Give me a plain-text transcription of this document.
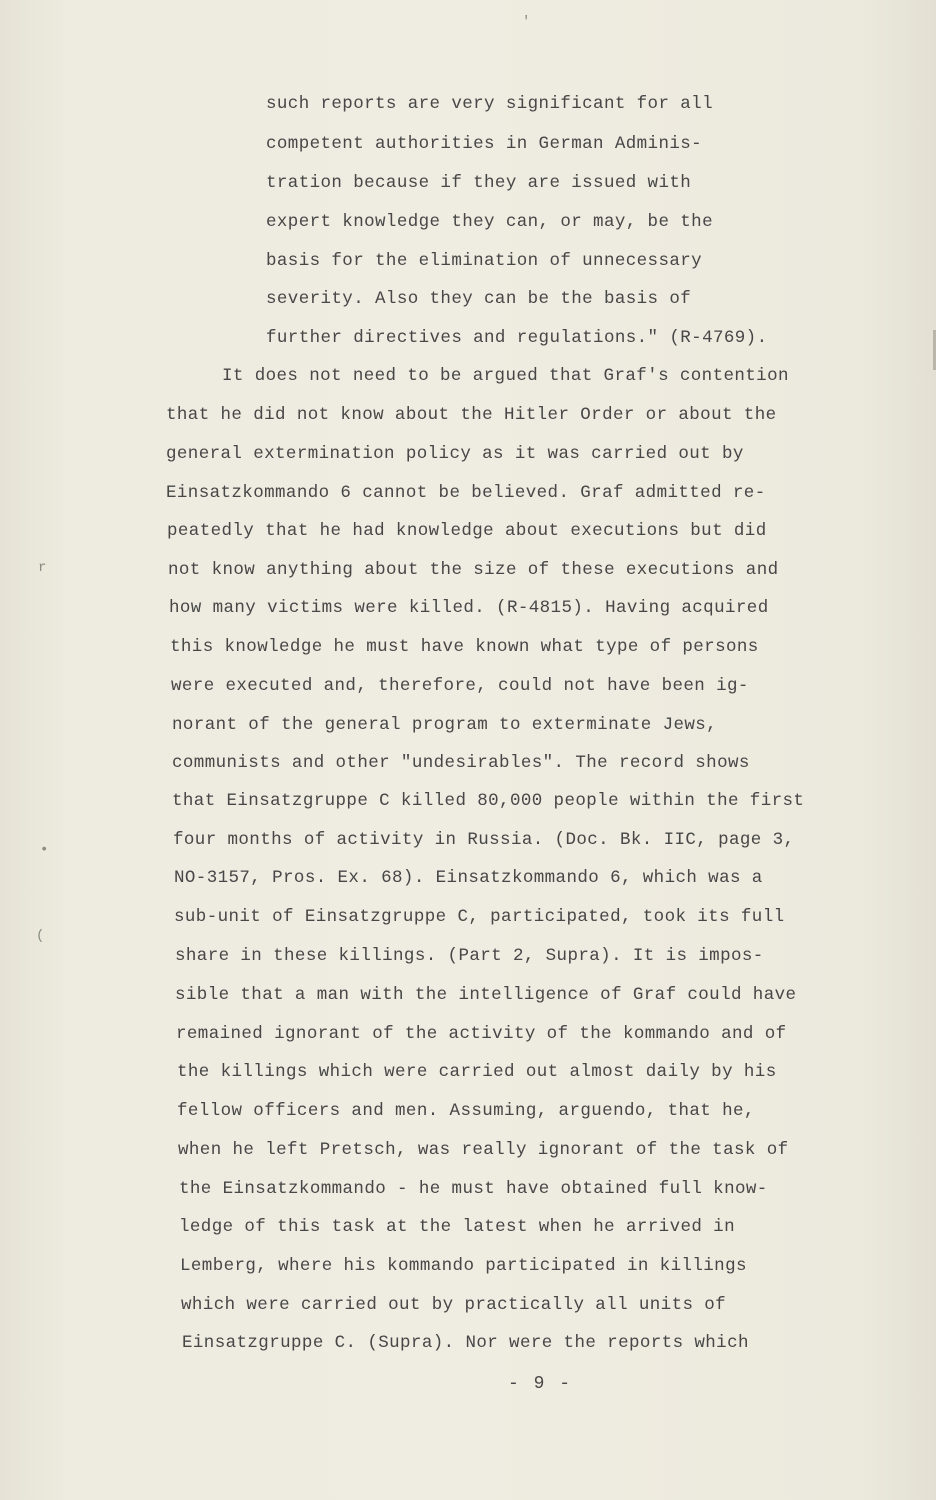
such reports are very significant for all
competent authorities in German Adminis-
tration because if they are issued with
expert knowledge they can, or may, be the
basis for the elimination of unnecessary
severity. Also they can be the basis of
further directives and regulations." (R-4769).
It does not need to be argued that Graf's contention
that he did not know about the Hitler Order or about the
general extermination policy as it was carried out by
Einsatzkommando 6 cannot be believed. Graf admitted re-
peatedly that he had knowledge about executions but did
not know anything about the size of these executions and
how many victims were killed. (R-4815). Having acquired
this knowledge he must have known what type of persons
were executed and, therefore, could not have been ig-
norant of the general program to exterminate Jews,
communists and other "undesirables". The record shows
that Einsatzgruppe C killed 80,000 people within the first
four months of activity in Russia. (Doc. Bk. IIC, page 3,
NO-3157, Pros. Ex. 68). Einsatzkommando 6, which was a
sub-unit of Einsatzgruppe C, participated, took its full
share in these killings. (Part 2, Supra). It is impos-
sible that a man with the intelligence of Graf could have
remained ignorant of the activity of the kommando and of
the killings which were carried out almost daily by his
fellow officers and men. Assuming, arguendo, that he,
when he left Pretsch, was really ignorant of the task of
the Einsatzkommando - he must have obtained full know-
ledge of this task at the latest when he arrived in
Lemberg, where his kommando participated in killings
which were carried out by practically all units of
Einsatzgruppe C. (Supra). Nor were the reports which
- 9 -
'
r
•
(
